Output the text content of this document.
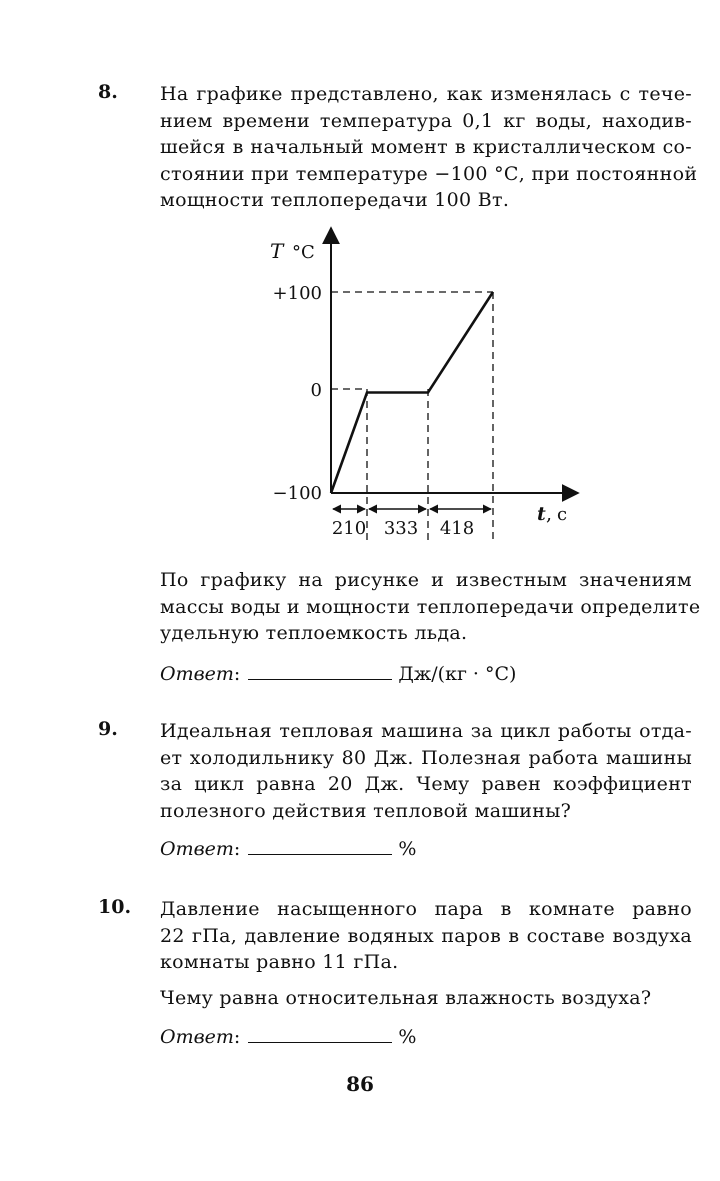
8. На графике представлено, как изменялась с тече-
нием времени температура 0,1 кг воды, находив-
шейся в начальный момент в кристаллическом со-
стоянии при температуре −100 °С, при постоянной
мощности теплопередачи 100 Вт.
T °С
t , с
+100
0
−100
210 333 418
По графику на рисунке и известным значениям
массы воды и мощности теплопередачи определите
удельную теплоемкость льда.
Ответ:	Дж/(кг · °С)
9. Идеальная тепловая машина за цикл работы отда-
ет холодильнику 80 Дж. Полезная работа машины
за цикл равна 20 Дж. Чему равен коэффициент
полезного действия тепловой машины?
Ответ:	%
10. Давление насыщенного пара в комнате равно
22 гПа, давление водяных паров в составе воздуха
комнаты равно 11 гПа.
Чему равна относительная влажность воздуха?
Ответ:	%
86
